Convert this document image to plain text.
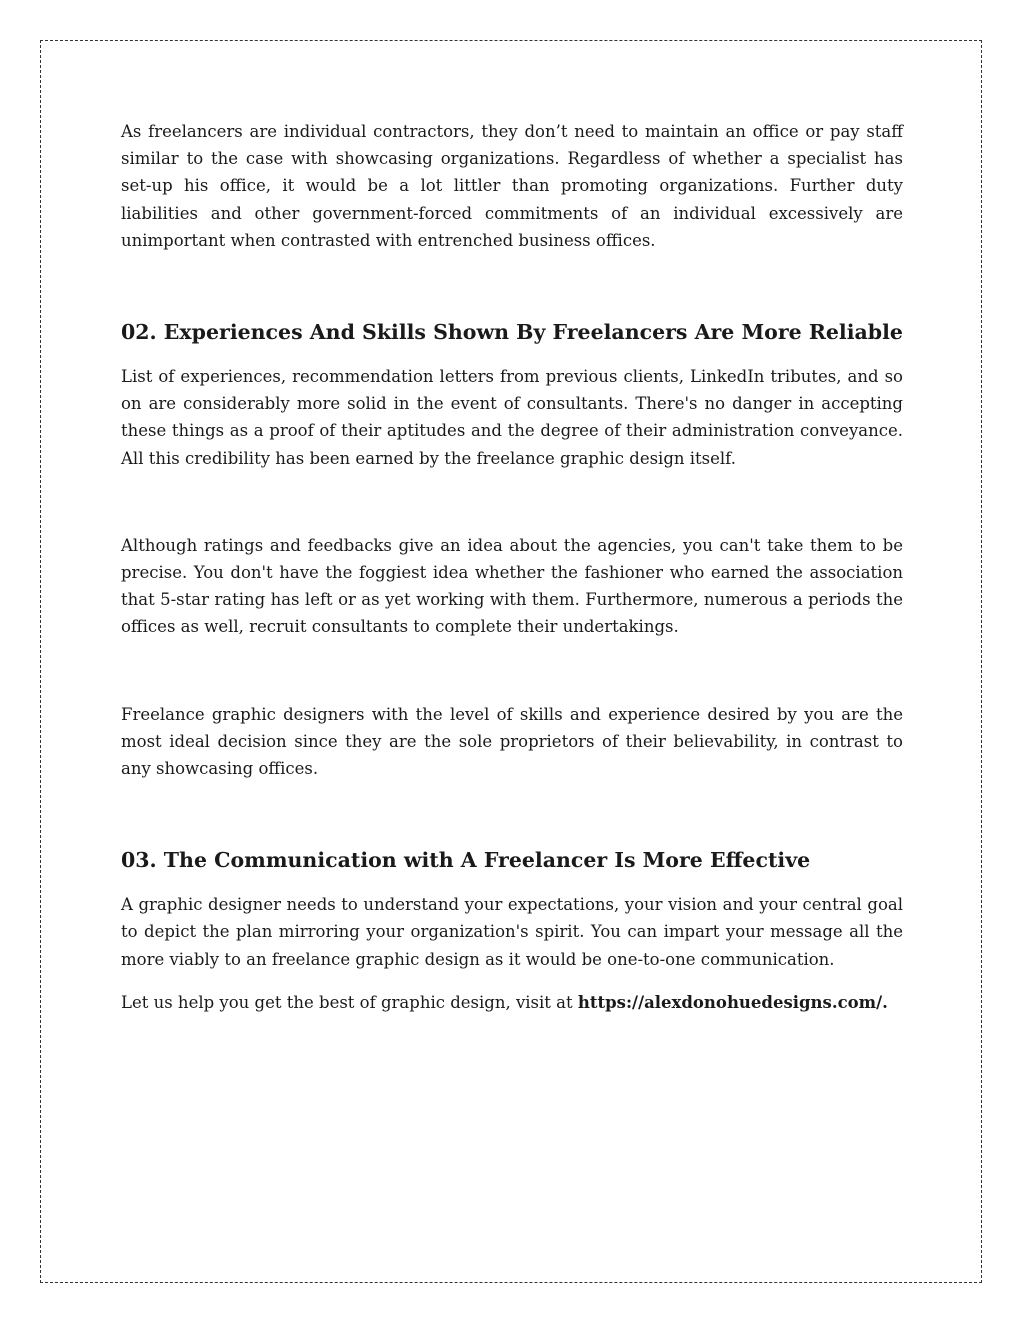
As freelancers are individual contractors, they don’t need to maintain an office or pay staff similar to the case with showcasing organizations. Regardless of whether a specialist has set-up his office, it would be a lot littler than promoting organizations. Further duty liabilities and other government-forced commitments of an individual excessively are unimportant when contrasted with entrenched business offices.

02. Experiences And Skills Shown By Freelancers Are More Reliable

List of experiences, recommendation letters from previous clients, LinkedIn tributes, and so on are considerably more solid in the event of consultants. There's no danger in accepting these things as a proof of their aptitudes and the degree of their administration conveyance. All this credibility has been earned by the freelance graphic design itself.

Although ratings and feedbacks give an idea about the agencies, you can't take them to be precise. You don't have the foggiest idea whether the fashioner who earned the association that 5-star rating has left or as yet working with them. Furthermore, numerous a periods the offices as well, recruit consultants to complete their undertakings.

Freelance graphic designers with the level of skills and experience desired by you are the most ideal decision since they are the sole proprietors of their believability, in contrast to any showcasing offices.

03. The Communication with A Freelancer Is More Effective

A graphic designer needs to understand your expectations, your vision and your central goal to depict the plan mirroring your organization's spirit. You can impart your message all the more viably to an freelance graphic design as it would be one-to-one communication.

Let us help you get the best of graphic design, visit at https://alexdonohuedesigns.com/.
